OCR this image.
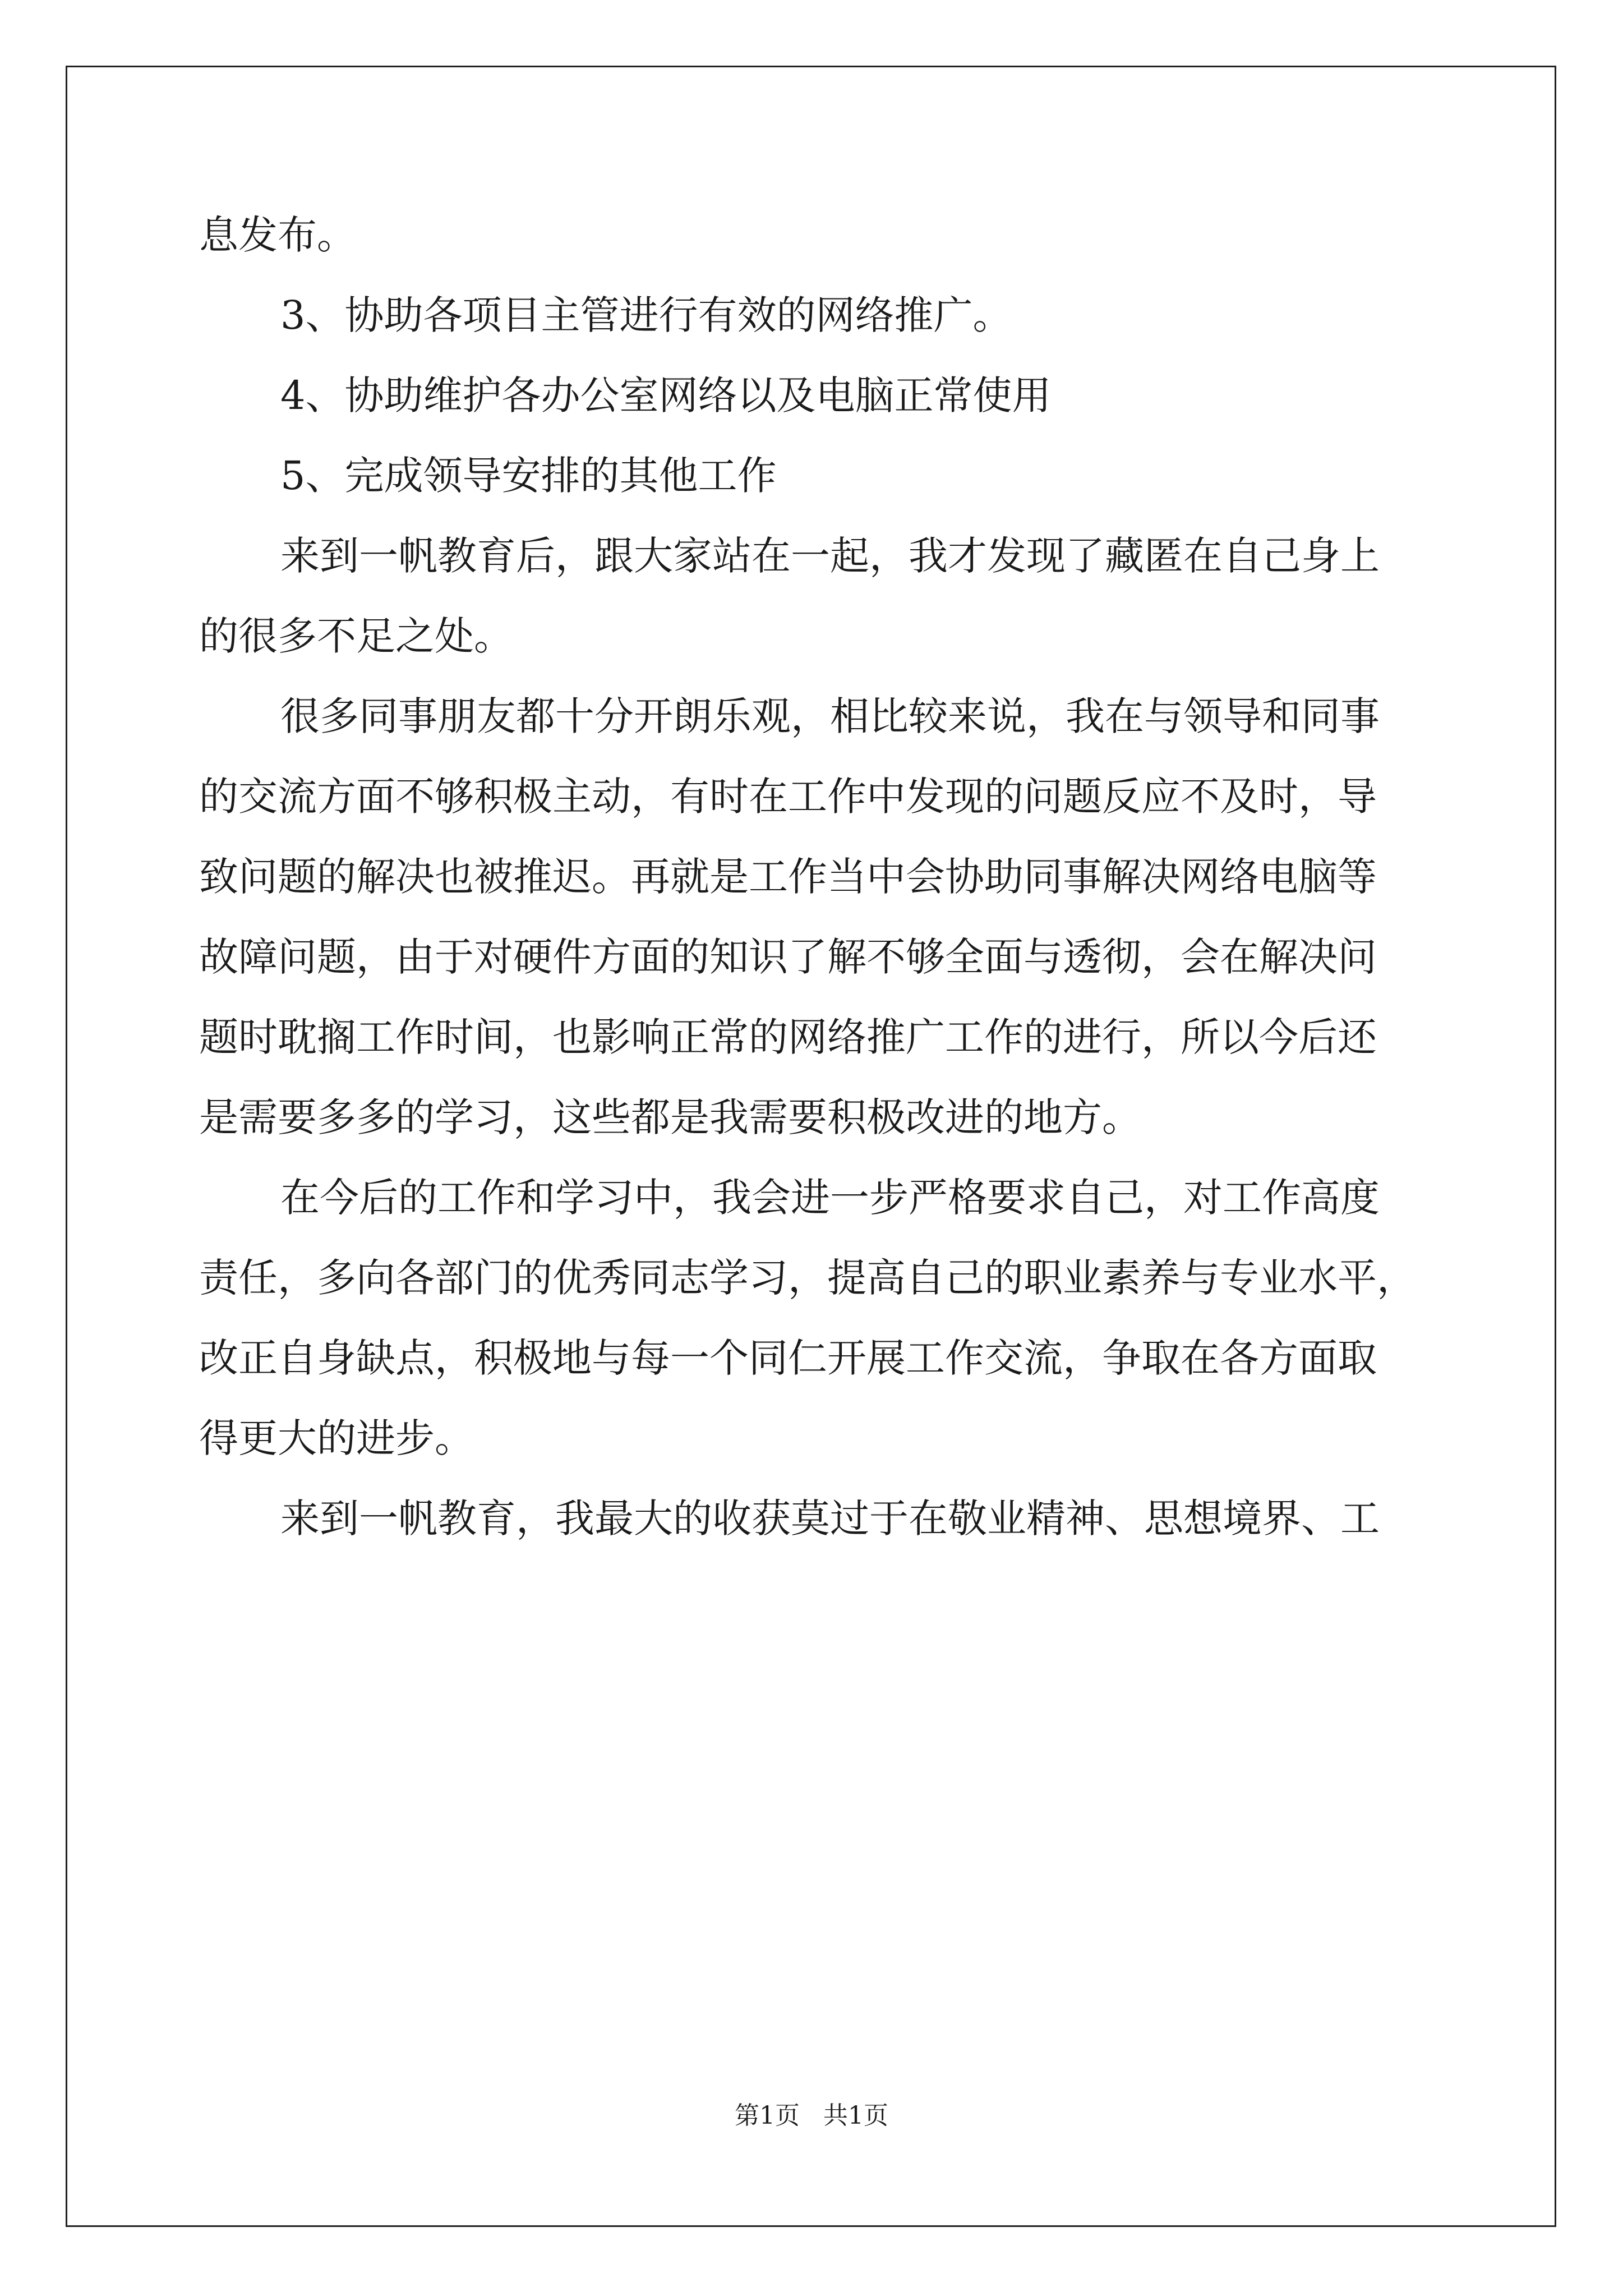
息发布。

3、协助各项目主管进行有效的网络推广。

4、协助维护各办公室网络以及电脑正常使用

5、完成领导安排的其他工作

来到一帆教育后，跟大家站在一起，我才发现了藏匿在自己身上

的很多不足之处。

很多同事朋友都十分开朗乐观，相比较来说，我在与领导和同事

的交流方面不够积极主动，有时在工作中发现的问题反应不及时，导

致问题的解决也被推迟。再就是工作当中会协助同事解决网络电脑等

故障问题，由于对硬件方面的知识了解不够全面与透彻，会在解决问

题时耽搁工作时间，也影响正常的网络推广工作的进行，所以今后还

是需要多多的学习，这些都是我需要积极改进的地方。

在今后的工作和学习中，我会进一步严格要求自己，对工作高度

责任，多向各部门的优秀同志学习，提高自己的职业素养与专业水平，

改正自身缺点，积极地与每一个同仁开展工作交流，争取在各方面取

得更大的进步。

来到一帆教育，我最大的收获莫过于在敬业精神、思想境界、工

第1页   共1页
